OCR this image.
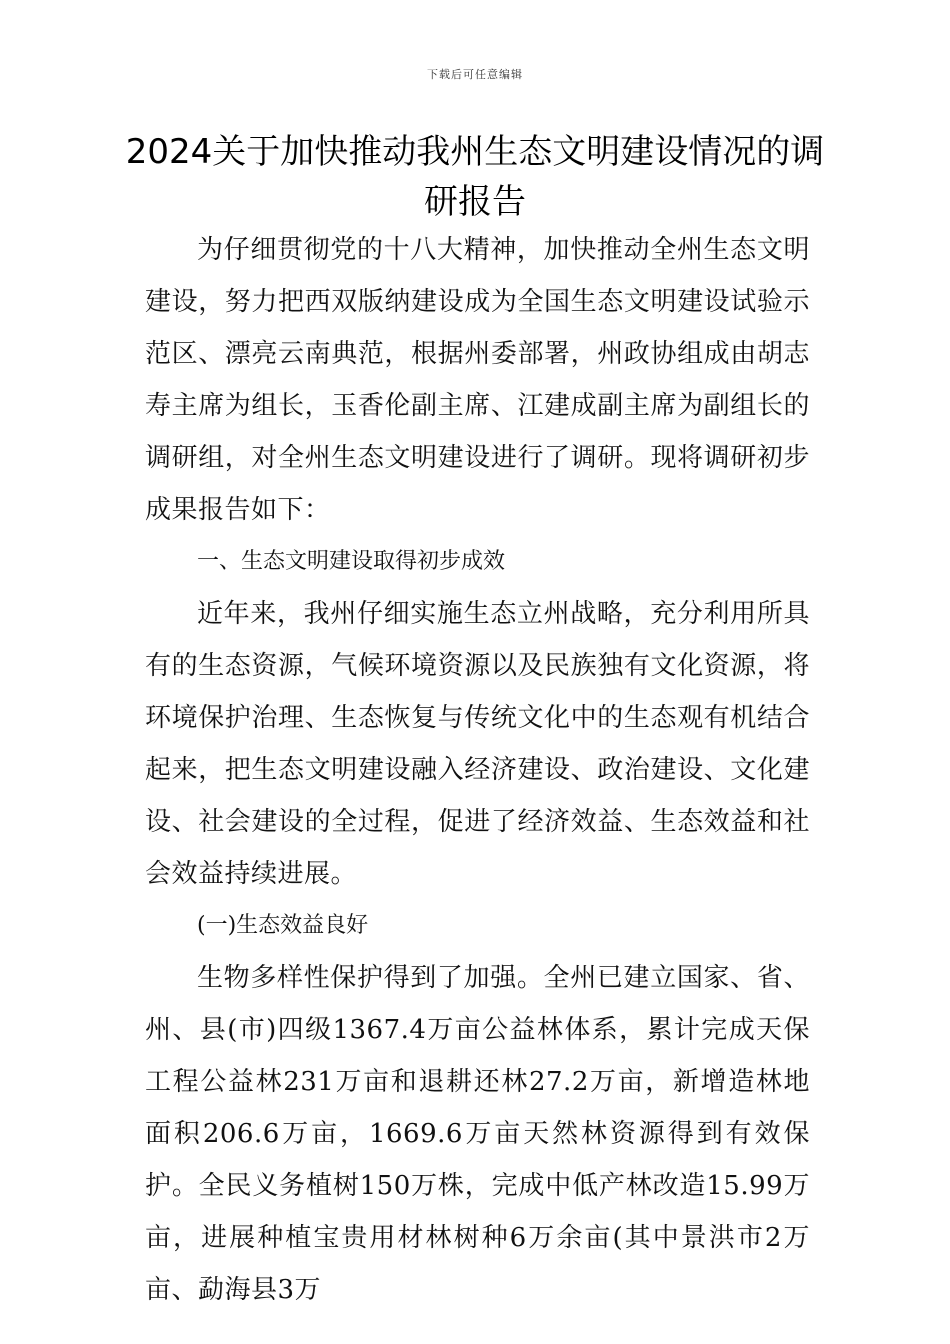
下载后可任意编辑
2024关于加快推动我州生态文明建设情况的调研报告

为仔细贯彻党的十八大精神，加快推动全州生态文明建设，努力把西双版纳建设成为全国生态文明建设试验示范区、漂亮云南典范，根据州委部署，州政协组成由胡志寿主席为组长，玉香伦副主席、江建成副主席为副组长的调研组，对全州生态文明建设进行了调研。现将调研初步成果报告如下：

一、生态文明建设取得初步成效

近年来，我州仔细实施生态立州战略，充分利用所具有的生态资源，气候环境资源以及民族独有文化资源，将环境保护治理、生态恢复与传统文化中的生态观有机结合起来，把生态文明建设融入经济建设、政治建设、文化建设、社会建设的全过程，促进了经济效益、生态效益和社会效益持续进展。

(一)生态效益良好

生物多样性保护得到了加强。全州已建立国家、省、州、县(市)四级1367.4万亩公益林体系，累计完成天保工程公益林231万亩和退耕还林27.2万亩，新增造林地面积206.6万亩，1669.6万亩天然林资源得到有效保护。全民义务植树150万株，完成中低产林改造15.99万亩，进展种植宝贵用材林树种6万余亩(其中景洪市2万亩、勐海县3万
